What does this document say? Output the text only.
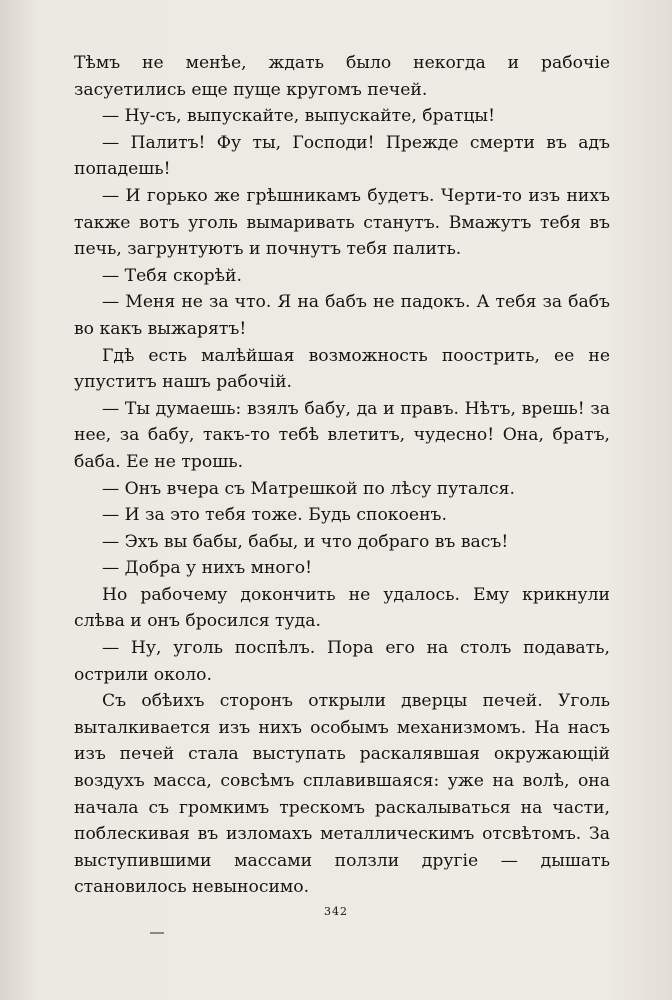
Тѣмъ не менѣе, ждать было некогда и рабочіе засуетились еще пуще кругомъ печей.

— Ну-съ, выпускайте, выпускайте, братцы!

— Палитъ! Фу ты, Господи! Прежде смерти въ адъ попадешь!

— И горько же грѣшникамъ будетъ. Черти-то изъ нихъ также вотъ уголь вымаривать станутъ. Вмажутъ тебя въ печь, загрунтуютъ и почнутъ тебя палить.

— Тебя скорѣй.

— Меня не за что. Я на бабъ не падокъ. А тебя за бабъ во какъ выжарятъ!

Гдѣ есть малѣйшая возможность поострить, ее не упуститъ нашъ рабочій.

— Ты думаешь: взялъ бабу, да и правъ. Нѣтъ, врешь! за нее, за бабу, такъ-то тебѣ влетитъ, чудесно! Она, братъ, баба. Ее не трошь.

— Онъ вчера съ Матрешкой по лѣсу путался.

— И за это тебя тоже. Будь спокоенъ.

— Эхъ вы бабы, бабы, и что добраго въ васъ!

— Добра у нихъ много!

Но рабочему докончить не удалось. Ему крикнули слѣва и онъ бросился туда.

— Ну, уголь поспѣлъ. Пора его на столъ подавать, острили около.

Съ обѣихъ сторонъ открыли дверцы печей. Уголь выталкивается изъ нихъ особымъ механизмомъ. На насъ изъ печей стала выступать раскалявшая окружающій воздухъ масса, совсѣмъ сплавившаяся: уже на волѣ, она начала съ громкимъ трескомъ раскалываться на части, поблескивая въ изломахъ металлическимъ отсвѣтомъ. За выступившими массами ползли другіе — дышать становилось невыносимо.

342
